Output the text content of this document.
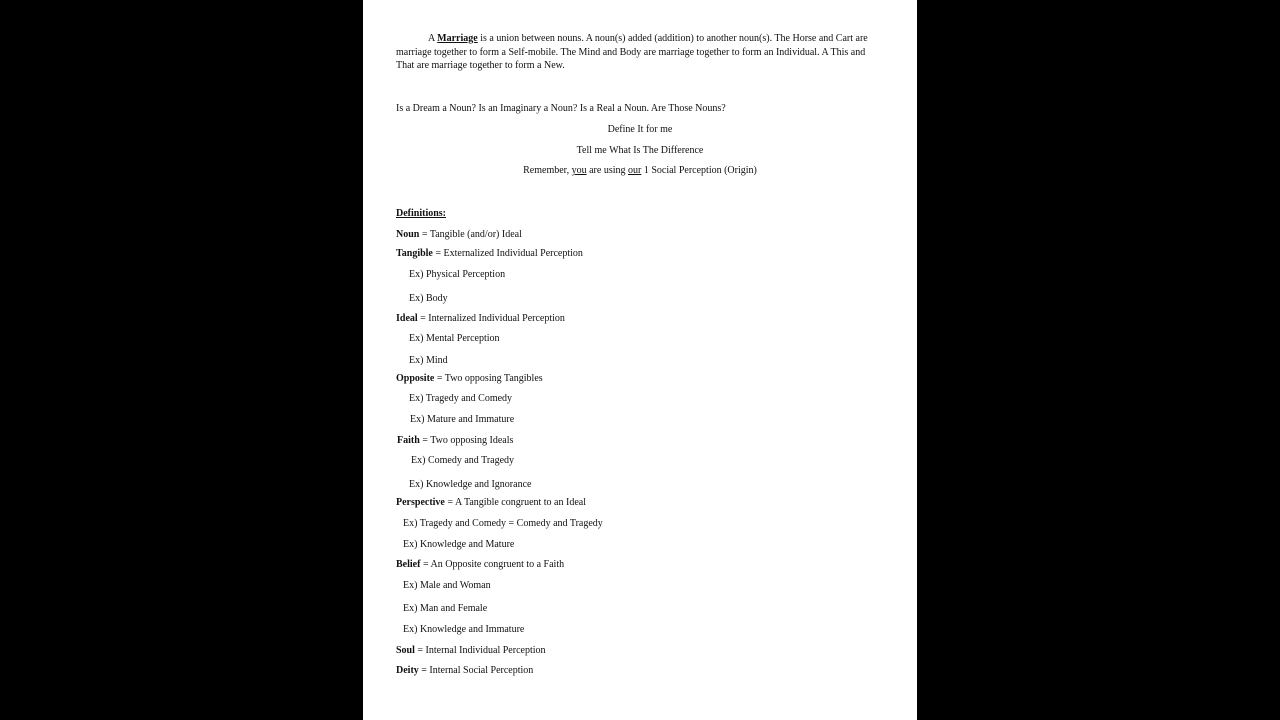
A Marriage is a union between nouns. A noun(s) added (addition) to another noun(s). The Horse and Cart are marriage together to form a Self-mobile. The Mind and Body are marriage together to form an Individual. A This and That are marriage together to form a New.

Is a Dream a Noun? Is an Imaginary a Noun? Is a Real a Noun. Are Those Nouns?

Define It for me

Tell me What Is The Difference

Remember, you are using our 1 Social Perception (Origin)

Definitions:

Noun = Tangible (and/or) Ideal

Tangible = Externalized Individual Perception

Ex) Physical Perception

Ex) Body

Ideal = Internalized Individual Perception

Ex) Mental Perception

Ex) Mind

Opposite = Two opposing Tangibles

Ex) Tragedy and Comedy

Ex) Mature and Immature

Faith = Two opposing Ideals

Ex) Comedy and Tragedy

Ex) Knowledge and Ignorance

Perspective = A Tangible congruent to an Ideal

Ex) Tragedy and Comedy = Comedy and Tragedy

Ex) Knowledge and Mature

Belief = An Opposite congruent to a Faith

Ex) Male and Woman

Ex) Man and Female

Ex) Knowledge and Immature

Soul = Internal Individual Perception

Deity = Internal Social Perception
